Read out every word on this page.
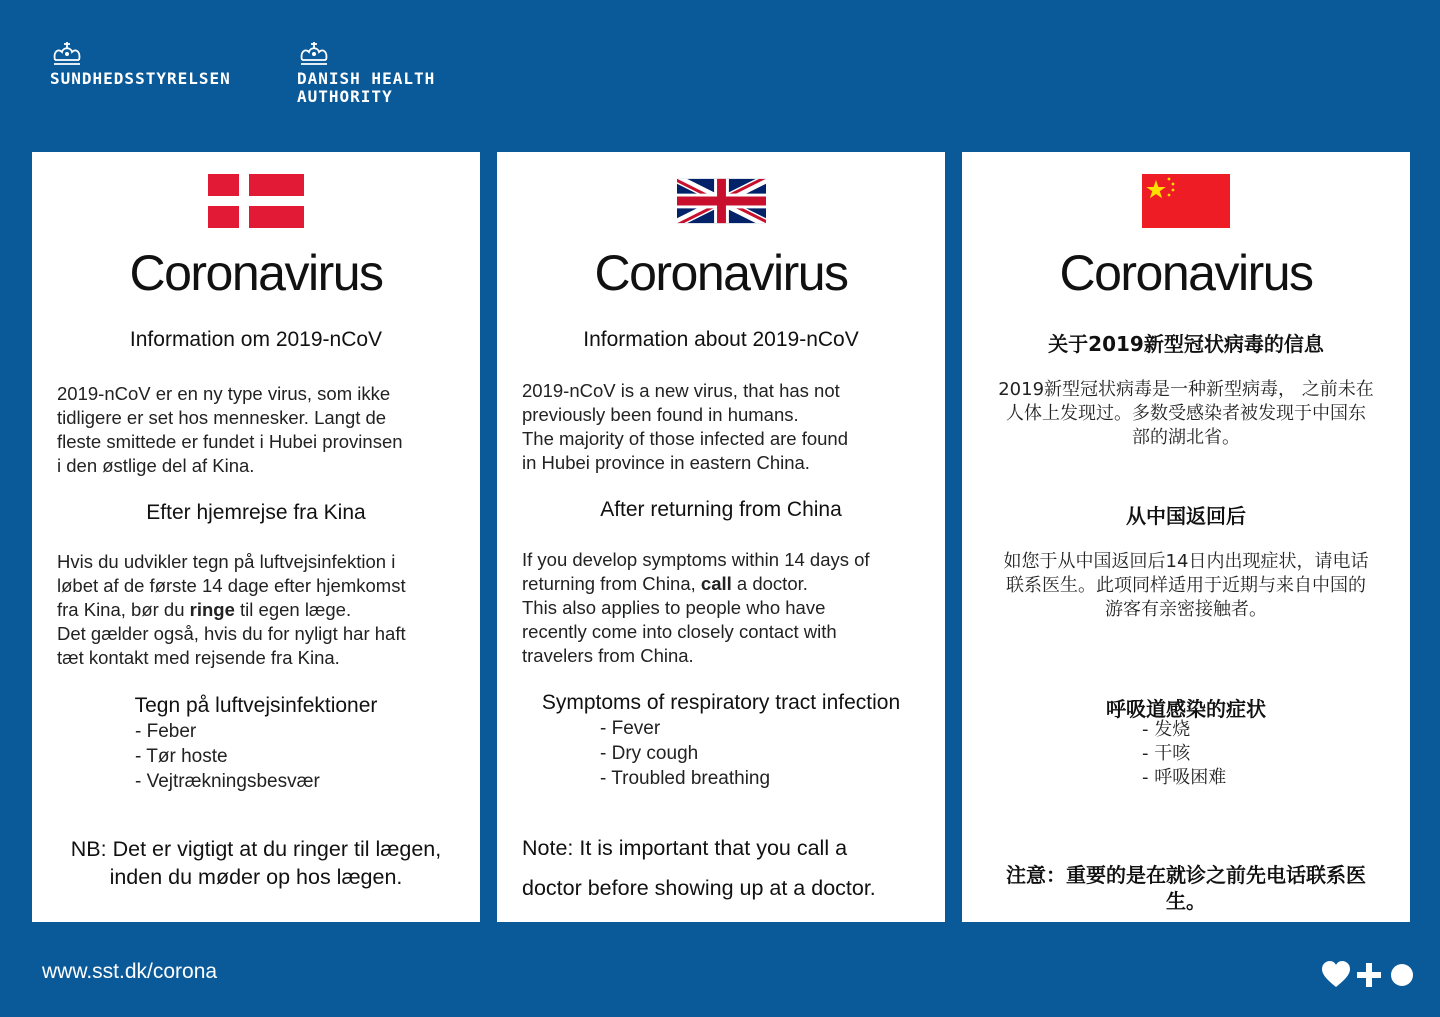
SUNDHEDSSTYRELSEN	DANISH HEALTH
AUTHORITY
Coronavirus
Information om 2019-nCoV
2019-nCoV er en ny type virus, som ikke
tidligere er set hos mennesker. Langt de
fleste smittede er fundet i Hubei provinsen
i den østlige del af Kina.
Efter hjemrejse fra Kina
Hvis du udvikler tegn på luftvejsinfektion i
løbet af de første 14 dage efter hjemkomst
fra Kina, bør du ringe til egen læge.
Det gælder også, hvis du for nyligt har haft
tæt kontakt med rejsende fra Kina.
Tegn på luftvejsinfektioner
- Feber
- Tør hoste
- Vejtrækningsbesvær
NB: Det er vigtigt at du ringer til lægen,
inden du møder op hos lægen.
Coronavirus
Information about 2019-nCoV
2019-nCoV is a new virus, that has not
previously been found in humans.
The majority of those infected are found
in Hubei province in eastern China.
After returning from China
If you develop symptoms within 14 days of
returning from China, call a doctor.
This also applies to people who have
recently come into closely contact with
travelers from China.
Symptoms of respiratory tract infection
- Fever
- Dry cough
- Troubled breathing
Note: It is important that you call a
doctor before showing up at a doctor.
Coronavirus
关于2019新型冠状病毒的信息
2019新型冠状病毒是一种新型病毒， 之前未在
人体上发现过。多数受感染者被发现于中国东
部的湖北省。
从中国返回后
如您于从中国返回后14日内出现症状，请电话
联系医生。此项同样适用于近期与来自中国的
游客有亲密接触者。
呼吸道感染的症状
- 发烧
- 干咳
- 呼吸困难
注意：重要的是在就诊之前先电话联系医
生。
www.sst.dk/corona
